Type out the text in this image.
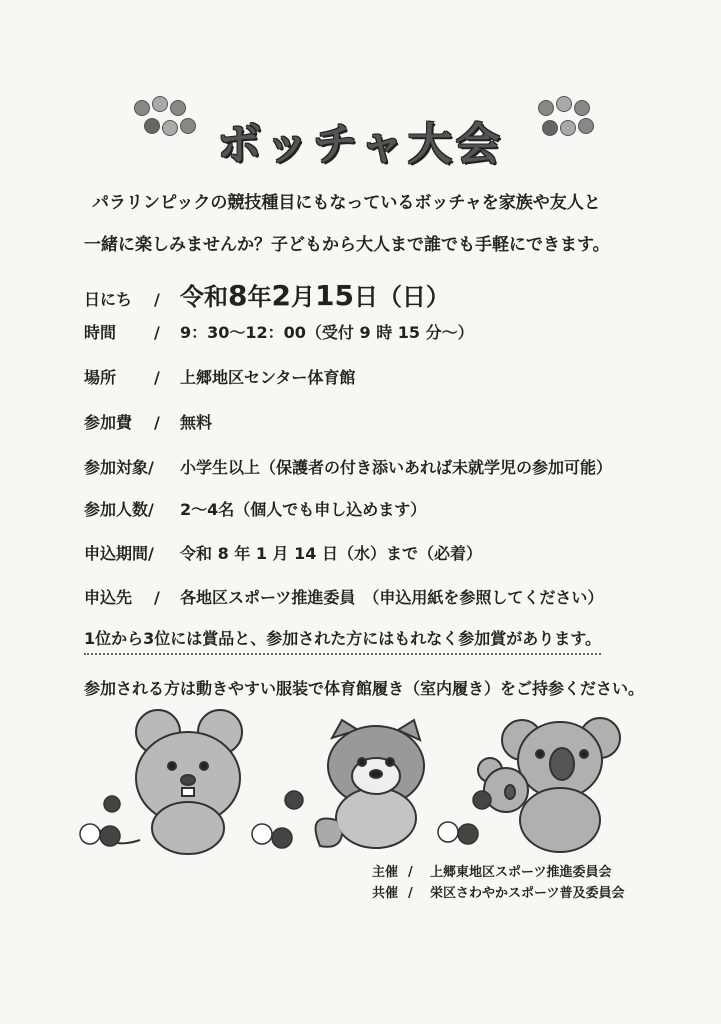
ボッチャ大会
パラリンピックの競技種目にもなっているボッチャを家族や友人と
一緒に楽しみませんか？子どもから大人まで誰でも手軽にできます。
日にち / 令和8年2月15日（日）
時間 / 9：30〜12：00（受付 9 時 15 分〜）
場所 / 上郷地区センター体育館
参加費 / 無料
参加対象/ 小学生以上（保護者の付き添いあれば未就学児の参加可能）
参加人数/ 2〜4名（個人でも申し込めます）
申込期間/ 令和 8 年 1 月 14 日（水）まで（必着）
申込先 / 各地区スポーツ推進委員　（申込用紙を参照してください）
1位から3位には賞品と、参加された方にはもれなく参加賞があります。
参加される方は動きやすい服装で体育館履き（室内履き）をご持参ください。
主催 / 上郷東地区スポーツ推進委員会
共催 / 栄区さわやかスポーツ普及委員会
